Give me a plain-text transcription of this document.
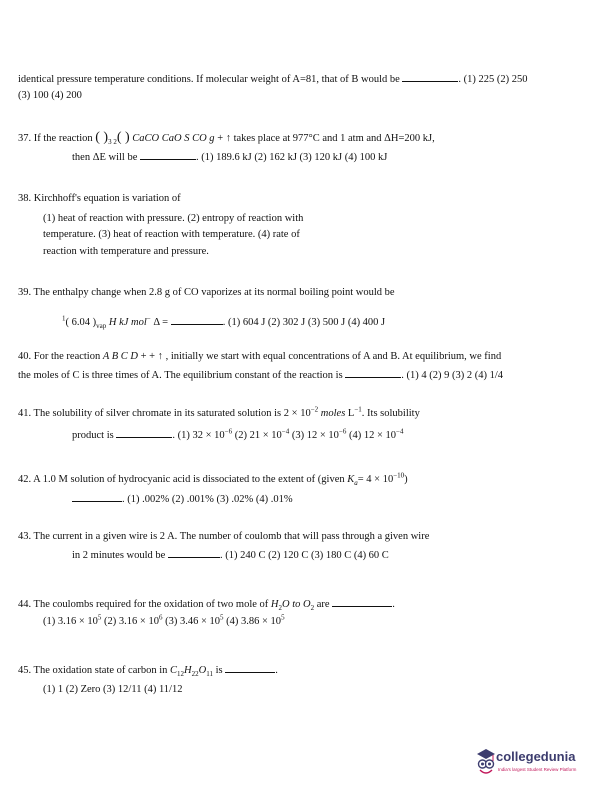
identical pressure temperature conditions. If molecular weight of A=81, that of B would be	. (1) 225 (2) 250
(3) 100 (4) 200
37. If the reaction ( )$_{3 2}$( ) CaCO CaO S CO g + ↑ takes place at 977°C and 1 atm and ΔH=200 kJ,
then ΔE will be	. (1) 189.6 kJ (2) 162 kJ (3) 120 kJ (4) 100 kJ
38. Kirchhoff's equation is variation of
(1) heat of reaction with pressure. (2) entropy of reaction with
temperature. (3) heat of reaction with temperature. (4) rate of
reaction with temperature and pressure.
39. The enthalpy change when 2.8 g of CO vaporizes at its normal boiling point would be
$^1$( 6.04 )$_{vap}$ H kJ mol− Δ =	. (1) 604 J (2) 302 J (3) 500 J (4) 400 J
40. For the reaction A B C D + + ↑ , initially we start with equal concentrations of A and B. At equilibrium, we find
the moles of C is three times of A. The equilibrium constant of the reaction is	. (1) 4 (2) 9 (3) 2 (4) 1/4
41. The solubility of silver chromate in its saturated solution is $2 \times 10^{-2}$ moles $L^{-1}$. Its solubility
product is	. (1) $32 \times 10^{-6}$ (2) $21 \times 10^{-4}$ (3) $12 \times 10^{-6}$ (4) $12 \times 10^{-4}$
42. A 1.0 M solution of hydrocyanic acid is dissociated to the extent of (given $K_a= 4 \times 10^{-10}$)
. (1) .002% (2) .001% (3) .02% (4) .01%
43. The current in a given wire is 2 A. The number of coulomb that will pass through a given wire
in 2 minutes would be	. (1) 240 C (2) 120 C (3) 180 C (4) 60 C
44. The coulombs required for the oxidation of two mole of $H_2O$ to $O_2$ are	.
(1) $3.16 \times 10^5$ (2) $3.16 \times 10^6$ (3) $3.46 \times 10^5$ (4) $3.86 \times 10^5$
45. The oxidation state of carbon in $C_{12}H_{22}O_{11}$ is	.
(1) 1 (2) Zero (3) 12/11 (4) 11/12
collegedunia
India's largest Student Review Platform
